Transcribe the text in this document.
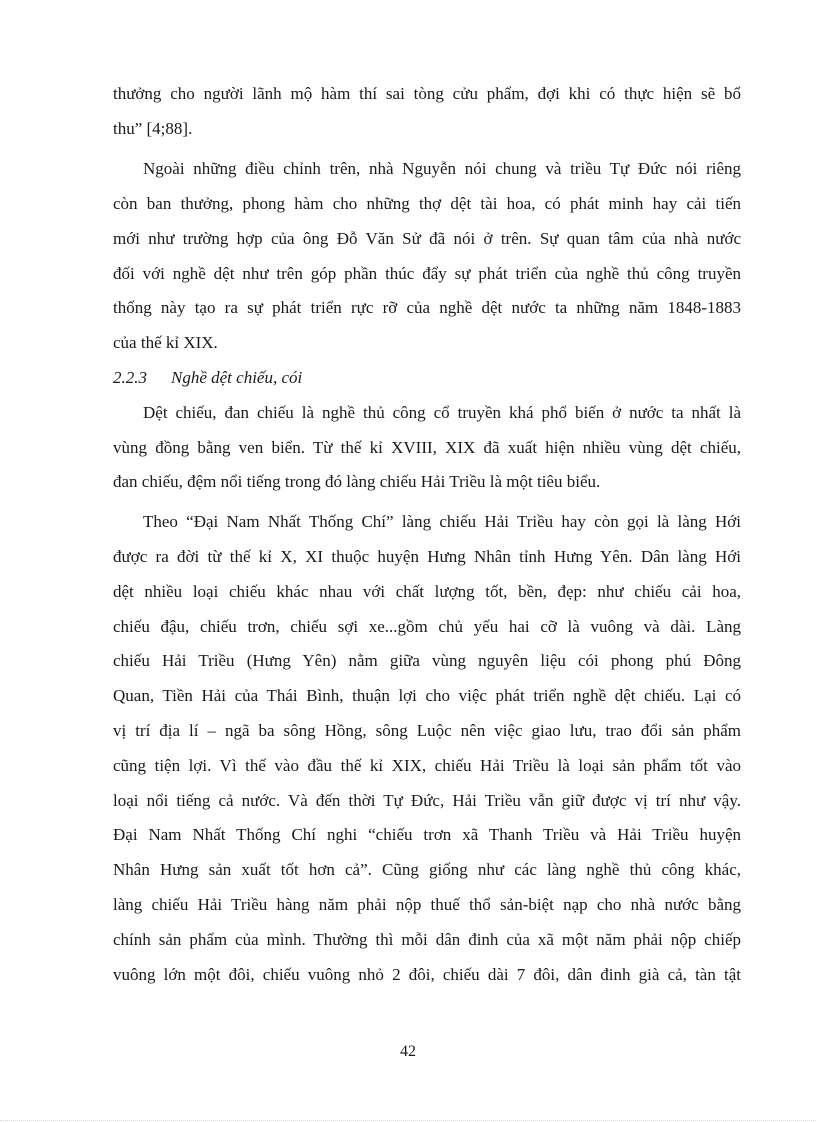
thưởng cho người lãnh mộ hàm thí sai tòng cửu phẩm, đợi khi có thực hiện sẽ bổ

thu” [4;88].

Ngoài những điều chỉnh trên, nhà Nguyễn nói chung và triều Tự Đức nói riêng

còn ban thưởng, phong hàm cho những thợ dệt tài hoa, có phát minh hay cải tiến

mới như trường hợp của ông Đỗ Văn Sử đã nói ở trên. Sự quan tâm của nhà nước

đối với nghề dệt như trên góp phần thúc đẩy sự phát triển của nghề thủ công truyền

thống này tạo ra sự phát triển rực rỡ của nghề dệt nước ta những năm 1848-1883

của thế kỉ XIX.

2.2.3 Nghề dệt chiếu, cói

Dệt chiếu, đan chiếu là nghề thủ công cổ truyền khá phổ biến ở nước ta nhất là

vùng đồng bằng ven biển. Từ thế kỉ XVIII, XIX đã xuất hiện nhiều vùng dệt chiếu,

đan chiếu, đệm nổi tiếng trong đó làng chiếu Hải Triều là một tiêu biểu.

Theo “Đại Nam Nhất Thống Chí” làng chiếu Hải Triều hay còn gọi là làng Hới

được ra đời từ thế kỉ X, XI thuộc huyện Hưng Nhân tỉnh Hưng Yên. Dân làng Hới

dệt nhiều loại chiếu khác nhau với chất lượng tốt, bền, đẹp: như chiếu cải hoa,

chiếu đậu, chiếu trơn, chiếu sợi xe...gồm chủ yếu hai cỡ là vuông và dài. Làng

chiếu Hải Triều (Hưng Yên) nằm giữa vùng nguyên liệu cói phong phú Đông

Quan, Tiền Hải của Thái Bình, thuận lợi cho việc phát triển nghề dệt chiếu. Lại có

vị trí địa lí – ngã ba sông Hồng, sông Luộc nên việc giao lưu, trao đổi sản phẩm

cũng tiện lợi. Vì thế vào đầu thế kỉ XIX, chiếu Hải Triều là loại sản phẩm tốt vào

loại nổi tiếng cả nước. Và đến thời Tự Đức, Hải Triều vẫn giữ được vị trí như vậy.

Đại Nam Nhất Thống Chí nghi “chiếu trơn xã Thanh Triều và Hải Triều huyện

Nhân Hưng sản xuất tốt hơn cả”. Cũng giống như các làng nghề thủ công khác,

làng chiếu Hải Triều hàng năm phải nộp thuế thổ sản-biệt nạp cho nhà nước bằng

chính sản phẩm của mình. Thường thì mỗi dân đinh của xã một năm phải nộp chiếp

vuông lớn một đôi, chiếu vuông nhỏ 2 đôi, chiếu dài 7 đôi, dân đinh già cả, tàn tật

42
